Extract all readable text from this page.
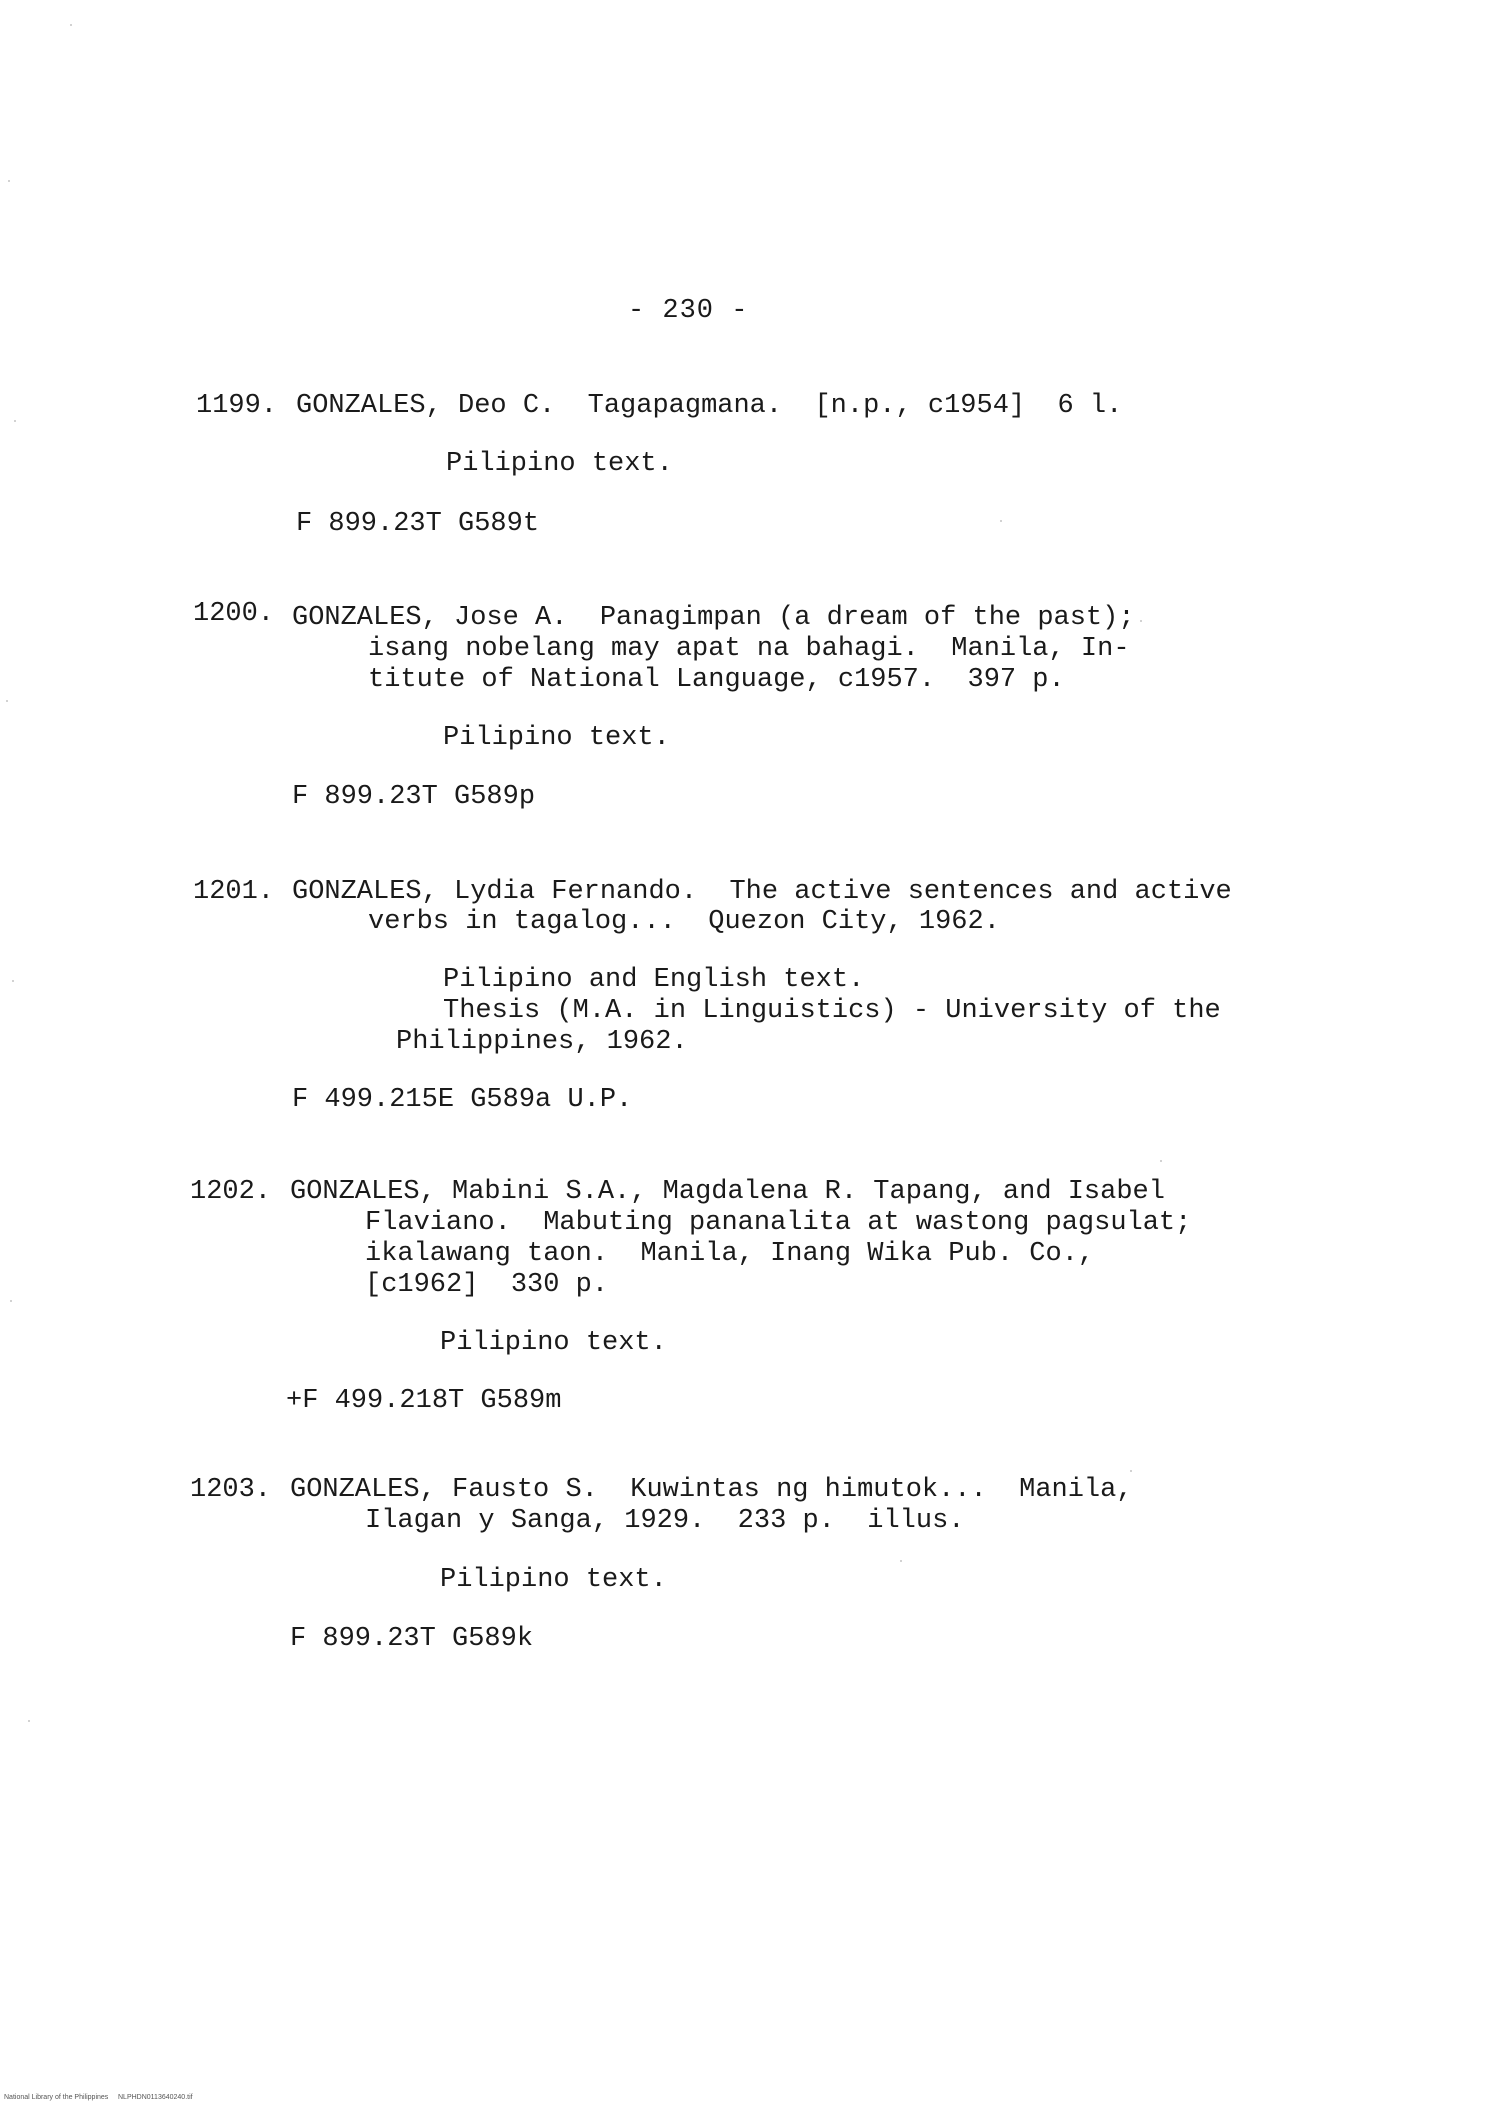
- 230 -
1199. GONZALES, Deo C.  Tagapagmana.  [n.p., c1954]  6 l.
Pilipino text.
F 899.23T G589t
1200. GONZALES, Jose A.  Panagimpan (a dream of the past);
isang nobelang may apat na bahagi.  Manila, In-
titute of National Language, c1957.  397 p.
Pilipino text.
F 899.23T G589p
1201. GONZALES, Lydia Fernando.  The active sentences and active
verbs in tagalog...  Quezon City, 1962.
Pilipino and English text.
Thesis (M.A. in Linguistics) - University of the
Philippines, 1962.
F 499.215E G589a U.P.
1202. GONZALES, Mabini S.A., Magdalena R. Tapang, and Isabel
Flaviano.  Mabuting pananalita at wastong pagsulat;
ikalawang taon.  Manila, Inang Wika Pub. Co.,
[c1962]  330 p.
Pilipino text.
+F 499.218T G589m
1203. GONZALES, Fausto S.  Kuwintas ng himutok...  Manila,
Ilagan y Sanga, 1929.  233 p.  illus.
Pilipino text.
F 899.23T G589k
National Library of the Philippines     NLPHDN0113640240.tif
